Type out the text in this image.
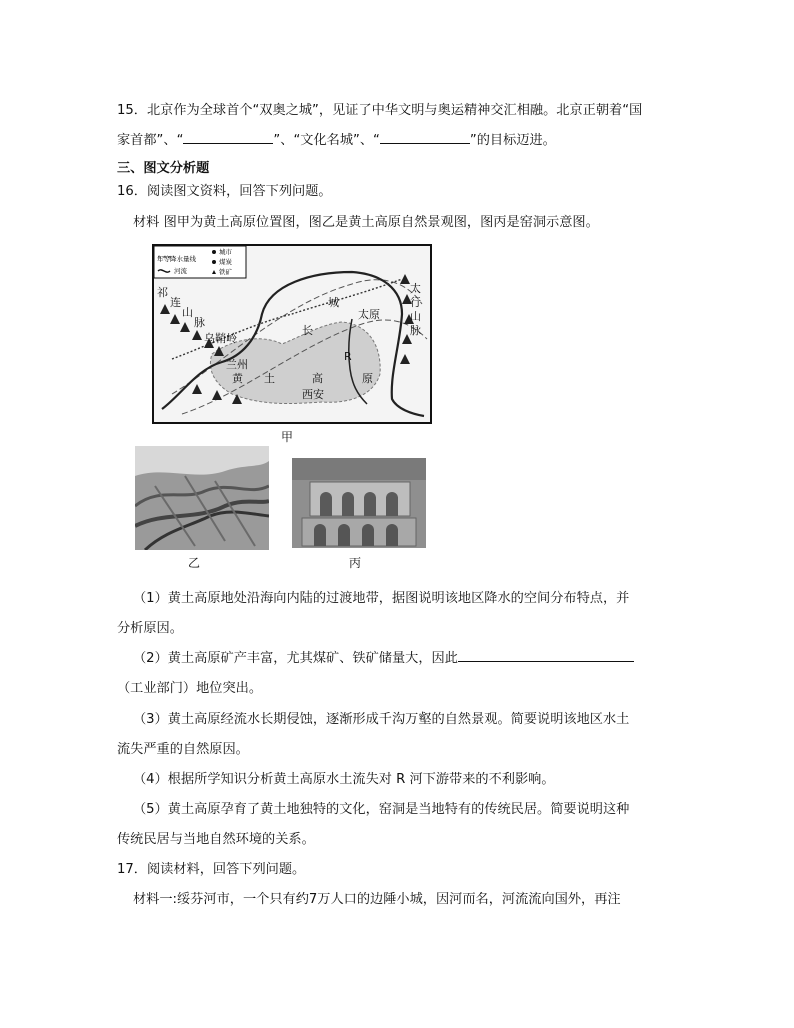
15．北京作为全球首个“双奥之城”，见证了中华文明与奥运精神交汇相融。北京正朝着“国
家首都”、“	”、“文化名城”、“	”的目标迈进。
三、图文分析题
16．阅读图文资料，回答下列问题。
材料 图甲为黄土高原位置图，图乙是黄土高原自然景观图，图丙是窑洞示意图。
年等降水量线
河流
城市
煤炭
铁矿
祁
连
山
脉
乌鞘岭
兰州
黄 土	高
西安
原
长
城
太原
R
太
行
山
脉
甲
乙	丙
（1）黄土高原地处沿海向内陆的过渡地带，据图说明该地区降水的空间分布特点，并
分析原因。
（2）黄土高原矿产丰富，尤其煤矿、铁矿储量大，因此
（工业部门）地位突出。
（3）黄土高原经流水长期侵蚀，逐渐形成千沟万壑的自然景观。简要说明该地区水土
流失严重的自然原因。
（4）根据所学知识分析黄土高原水土流失对 R 河下游带来的不利影响。
（5）黄土高原孕育了黄土地独特的文化，窑洞是当地特有的传统民居。简要说明这种
传统民居与当地自然环境的关系。
17．阅读材料，回答下列问题。
材料一:绥芬河市，一个只有约7万人口的边陲小城，因河而名，河流流向国外，再注
